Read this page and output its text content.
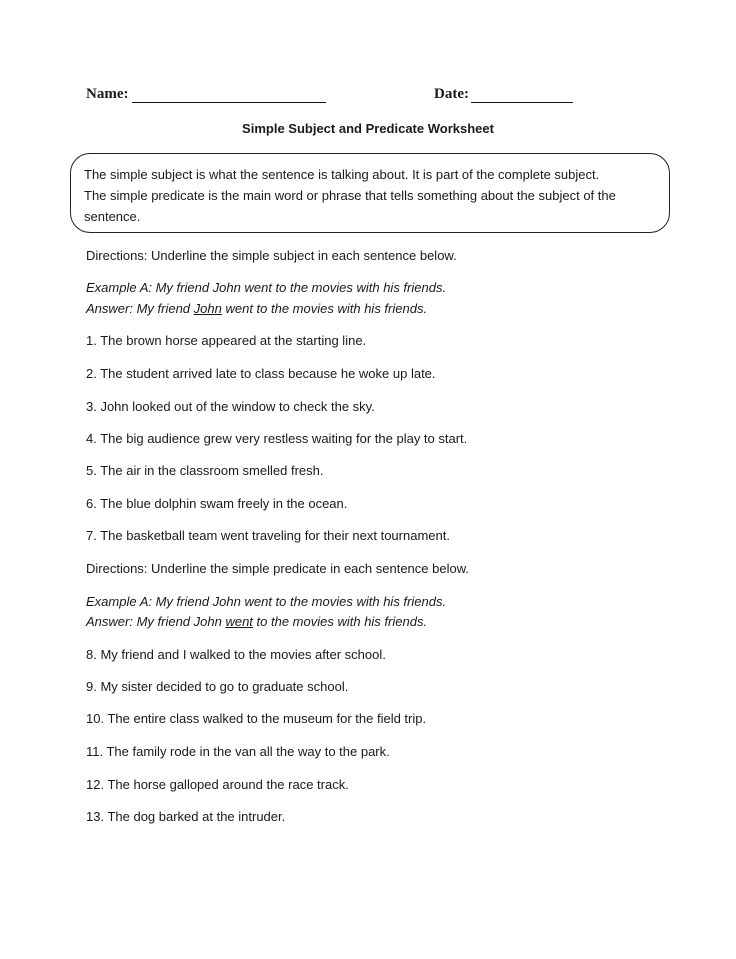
Name:	Date:
Simple Subject and Predicate Worksheet

The simple subject is what the sentence is talking about. It is part of the complete subject.

The simple predicate is the main word or phrase that tells something about the subject of the sentence.

Directions: Underline the simple subject in each sentence below.
Example A: My friend John went to the movies with his friends.
Answer: My friend John went to the movies with his friends.
1. The brown horse appeared at the starting line.
2. The student arrived late to class because he woke up late.
3. John looked out of the window to check the sky.
4. The big audience grew very restless waiting for the play to start.
5. The air in the classroom smelled fresh.
6. The blue dolphin swam freely in the ocean.
7. The basketball team went traveling for their next tournament.
Directions: Underline the simple predicate in each sentence below.
Example A: My friend John went to the movies with his friends.
Answer: My friend John went to the movies with his friends.
8. My friend and I walked to the movies after school.
9. My sister decided to go to graduate school.
10. The entire class walked to the museum for the field trip.
11. The family rode in the van all the way to the park.
12. The horse galloped around the race track.
13. The dog barked at the intruder.
